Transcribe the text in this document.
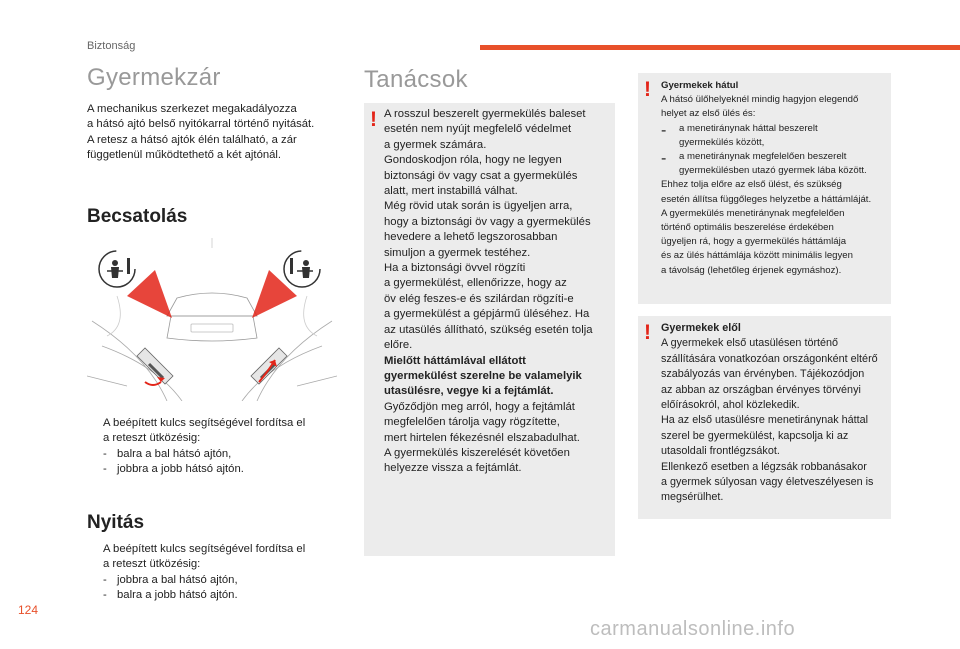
Biztonság
Gyermekzár

A mechanikus szerkezet megakadályozza

a hátsó ajtó belső nyitókarral történő nyitását.

A retesz a hátsó ajtók élén található, a zár

függetlenül működtethető a két ajtónál.

Becsatolás
A beépített kulcs segítségével fordítsa el
a reteszt ütközésig:
- balra a bal hátsó ajtón,
- jobbra a jobb hátsó ajtón.
Nyitás
A beépített kulcs segítségével fordítsa el
a reteszt ütközésig:
- jobbra a bal hátsó ajtón,
- balra a jobb hátsó ajtón.
Tanácsok
! A rosszul beszerelt gyermekülés baleset

esetén nem nyújt megfelelő védelmet

a gyermek számára.

Gondoskodjon róla, hogy ne legyen

biztonsági öv vagy csat a gyermekülés

alatt, mert instabillá válhat.

Még rövid utak során is ügyeljen arra,

hogy a biztonsági öv vagy a gyermekülés

hevedere a lehető legszorosabban

simuljon a gyermek testéhez.

Ha a biztonsági övvel rögzíti

a gyermekülést, ellenőrizze, hogy az

öv elég feszes-e és szilárdan rögzíti-e

a gyermekülést a gépjármű üléséhez. Ha

az utasülés állítható, szükség esetén tolja

előre.

Mielőtt háttámlával ellátott

gyermekülést szerelne be valamelyik

utasülésre, vegye ki a fejtámlát.

Győződjön meg arról, hogy a fejtámlát

megfelelően tárolja vagy rögzítette,

mert hirtelen fékezésnél elszabadulhat.

A gyermekülés kiszerelését követően

helyezze vissza a fejtámlát.

! Gyermekek hátul

A hátsó ülőhelyeknél mindig hagyjon elegendő

helyet az első ülés és:

-	a menetiránynak háttal beszerelt

gyermekülés között,

-	a menetiránynak megfelelően beszerelt

gyermekülésben utazó gyermek lába között.

Ehhez tolja előre az első ülést, és szükség

esetén állítsa függőleges helyzetbe a háttámláját.

A gyermekülés menetiránynak megfelelően

történő optimális beszerelése érdekében

ügyeljen rá, hogy a gyermekülés háttámlája

és az ülés háttámlája között minimális legyen

a távolság (lehetőleg érjenek egymáshoz).

! Gyermekek elől

A gyermekek első utasülésen történő

szállítására vonatkozóan országonként eltérő

szabályozás van érvényben. Tájékozódjon

az abban az országban érvényes törvényi

előírásokról, ahol közlekedik.

Ha az első utasülésre menetiránynak háttal

szerel be gyermekülést, kapcsolja ki az

utasoldali frontlégzsákot.

Ellenkező esetben a légzsák robbanásakor

a gyermek súlyosan vagy életveszélyesen is

megsérülhet.

124
carmanualsonline.info
